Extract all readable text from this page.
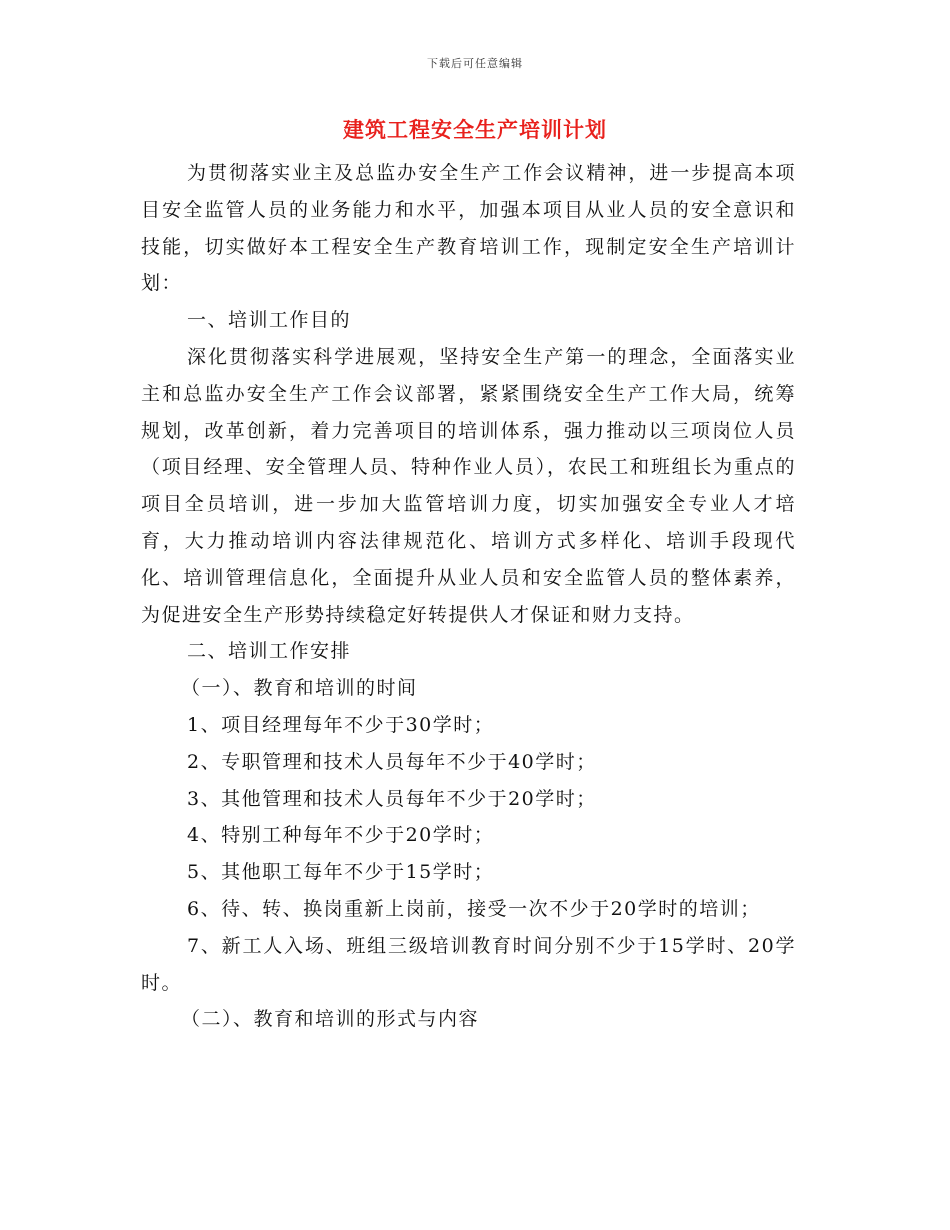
下载后可任意编辑
建筑工程安全生产培训计划

为贯彻落实业主及总监办安全生产工作会议精神，进一步提高本项目安全监管人员的业务能力和水平，加强本项目从业人员的安全意识和技能，切实做好本工程安全生产教育培训工作，现制定安全生产培训计划：

一、培训工作目的

深化贯彻落实科学进展观，坚持安全生产第一的理念，全面落实业主和总监办安全生产工作会议部署，紧紧围绕安全生产工作大局，统筹规划，改革创新，着力完善项目的培训体系，强力推动以三项岗位人员（项目经理、安全管理人员、特种作业人员），农民工和班组长为重点的项目全员培训，进一步加大监管培训力度，切实加强安全专业人才培育，大力推动培训内容法律规范化、培训方式多样化、培训手段现代化、培训管理信息化，全面提升从业人员和安全监管人员的整体素养，为促进安全生产形势持续稳定好转提供人才保证和财力支持。

二、培训工作安排

（一）、教育和培训的时间

1、项目经理每年不少于30学时；

2、专职管理和技术人员每年不少于40学时；

3、其他管理和技术人员每年不少于20学时；

4、特别工种每年不少于20学时；

5、其他职工每年不少于15学时；

6、待、转、换岗重新上岗前，接受一次不少于20学时的培训；

7、新工人入场、班组三级培训教育时间分别不少于15学时、20学时。

（二）、教育和培训的形式与内容
